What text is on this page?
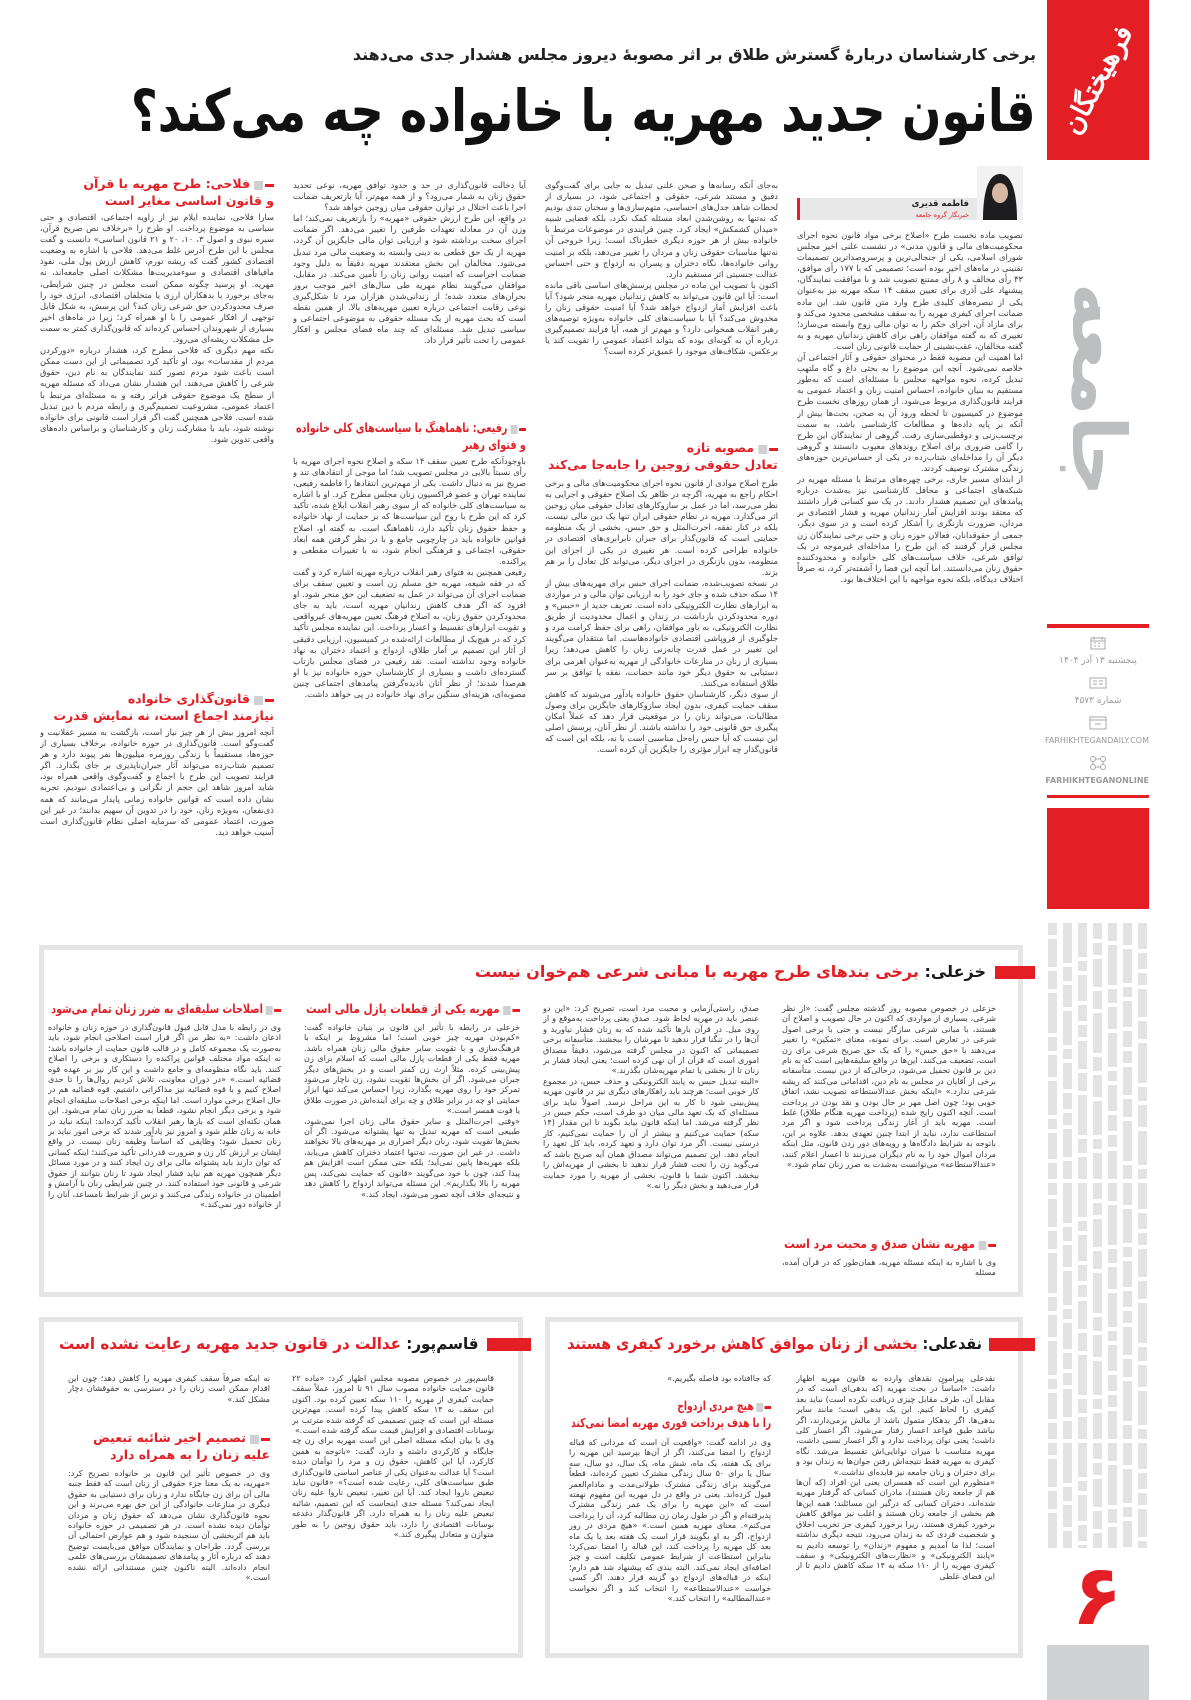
فرهیختگان
جامعه
پنجشنبه ۱۳ آذر ۱۴۰۴
شماره ۴۵۷۳
FARHIKHTEGANDAILY.COM
FARHIKHTEGANONLINE
۶
برخی کارشناسان دربارهٔ گسترش طلاق بر اثر مصوبهٔ دیروز مجلس هشدار جدی می‌دهند
قانون جدید مهریه با خانواده چه می‌کند؟
فاطمه قدیری
خبرنگار گروه جامعه

تصویب ماده نخست طرح «اصلاح برخی مواد قانون نحوه اجرای محکومیت‌های مالی و قانون مدنی» در نشست علنی اخیر مجلس شورای اسلامی، یکی از جنجالی‌ترین و پرسروصداترین تصمیمات تقنینی در ماه‌های اخیر بوده است؛ تصمیمی که با ۱۷۷ رأی موافق، ۴۳ رأی مخالف و ۸ رأی ممتنع تصویب شد و با موافقت نمایندگان، پیشنهاد علی آذری برای تعیین سقف ۱۴ سکه مهریه نیز به‌عنوان یکی از تبصره‌های کلیدی طرح وارد متن قانون شد. این ماده ضمانت اجرای کیفری مهریه را به سقف مشخصی محدود می‌کند و برای مازاد آن، اجرای حکم را به توان مالی زوج وابسته می‌سازد؛ تغییری که به گفته موافقان راهی برای کاهش زندانیان مهریه و به گفته مخالفان، عقب‌نشینی از حمایت قانونی زنان است.

اما اهمیت این مصوبه فقط در محتوای حقوقی و آثار اجتماعی آن خلاصه نمی‌شود. آنچه این موضوع را به بحثی داغ و گاه ملتهب تبدیل کرده، نحوه مواجهه مجلس با مسئله‌ای است که به‌طور مستقیم به بنیان خانواده، احساس امنیت زنان و اعتماد عمومی به فرایند قانون‌گذاری مربوط می‌شود. از همان روزهای نخست طرح موضوع در کمیسیون تا لحظه ورود آن به صحن، بحث‌ها بیش از آنکه بر پایه داده‌ها و مطالعات کارشناسی باشد، به سمت برچسب‌زنی و دوقطبی‌سازی رفت. گروهی از نمایندگان این طرح را گامی ضروری برای اصلاح روندهای معیوب دانستند و گروهی دیگر آن را مداخله‌ای شتاب‌زده در یکی از حساس‌ترین حوزه‌های زندگی مشترک توصیف کردند.

از ابتدای مسیر جاری، برخی چهره‌های مرتبط با مسئله مهریه در شبکه‌های اجتماعی و محافل کارشناسی نیز به‌شدت درباره پیامدهای این تصمیم هشدار دادند. در یک سو کسانی قرار داشتند که معتقد بودند افزایش آمار زندانیان مهریه و فشار اقتصادی بر مردان، ضرورت بازنگری را آشکار کرده است و در سوی دیگر، جمعی از حقوقدانان، فعالان حوزه زنان و حتی برخی نمایندگان زن مجلس قرار گرفتند که این طرح را مداخله‌ای غیرموجه در یک توافق شرعی، خلاف سیاست‌های کلی خانواده و محدودکننده حقوق زنان می‌دانستند. اما آنچه این فضا را آشفته‌تر کرد، نه صرفاً اختلاف دیدگاه، بلکه نحوه مواجهه با این اختلاف‌ها بود.

به‌جای آنکه رسانه‌ها و صحن علنی تبدیل به جایی برای گفت‌وگوی دقیق و مستند شرعی، حقوقی و اجتماعی شود، در بسیاری از لحظات شاهد جدل‌های احساسی، متهم‌سازی‌ها و سخنان تندی بودیم که نه‌تنها به روشن‌شدن ابعاد مسئله کمک نکرد، بلکه فضایی شبیه «میدان کشمکش» ایجاد کرد. چنین فرایندی در موضوعات مرتبط با خانواده بیش از هر حوزه دیگری خطرناک است؛ زیرا خروجی آن نه‌تنها مناسبات حقوقی زنان و مردان را تغییر می‌دهد، بلکه بر امنیت روانی خانواده‌ها، نگاه دختران و پسران به ازدواج و حتی احساس عدالت جنسیتی اثر مستقیم دارد.

اکنون با تصویب این ماده در مجلس پرسش‌های اساسی باقی مانده است: آیا این قانون می‌تواند به کاهش زندانیان مهریه منجر شود؟ آیا باعث افزایش آمار ازدواج خواهد شد؟ آیا امنیت حقوقی زنان را مخدوش می‌کند؟ آیا با سیاست‌های کلی خانواده به‌ویژه توصیه‌های رهبر انقلاب همخوانی دارد؟ و مهم‌تر از همه، آیا فرایند تصمیم‌گیری درباره آن به گونه‌ای بوده که بتواند اعتماد عمومی را تقویت کند یا برعکس، شکاف‌های موجود را عمیق‌تر کرده است؟

مصوبه تازه
تعادل حقوقی زوجین را جابه‌جا می‌کند

طرح اصلاح موادی از قانون نحوه اجرای محکومیت‌های مالی و برخی احکام راجع به مهریه، اگرچه در ظاهر یک اصلاح حقوقی و اجرایی به نظر می‌رسد، اما در عمل بر سازوکارهای تعادل حقوقی میان زوجین اثر می‌گذارد. مهریه در نظام حقوقی ایران تنها یک دین مالی نیست، بلکه در کنار نفقه، اجرت‌المثل و حق حبس، بخشی از یک منظومه حمایتی است که قانون‌گذار برای جبران نابرابری‌های اقتصادی در خانواده طراحی کرده است. هر تغییری در یکی از اجزای این منظومه، بدون بازنگری در اجزای دیگر، می‌تواند کل تعادل را بر هم بزند.

در نسخه تصویب‌شده، ضمانت اجرای حبس برای مهریه‌های بیش از ۱۴ سکه حذف شده و جای خود را به ارزیابی توان مالی و در مواردی به ابزارهای نظارت الکترونیکی داده است. تعریف جدید از «حبس» و دوره محدودکردن بازداشت در زندان و اعمال محدودیت از طریق نظارت الکترونیکی، به باور موافقان، راهی برای حفظ کرامت مرد و جلوگیری از فروپاشی اقتصادی خانواده‌هاست. اما منتقدان می‌گویند این تغییر در عمل قدرت چانه‌زنی زنان را کاهش می‌دهد؛ زیرا بسیاری از زنان در منازعات خانوادگی از مهریه به‌عنوان اهرمی برای دستیابی به حقوق دیگر خود مانند حضانت، نفقه یا توافق بر سر طلاق استفاده می‌کنند.

از سوی دیگر، کارشناسان حقوق خانواده یادآور می‌شوند که کاهش سقف حمایت کیفری، بدون ایجاد سازوکارهای جایگزین برای وصول مطالبات، می‌تواند زنان را در موقعیتی قرار دهد که عملاً امکان پیگیری حق قانونی خود را نداشته باشند. از نظر آنان، پرسش اصلی این نیست که آیا حبس راه‌حل مناسبی است یا نه، بلکه این است که قانون‌گذار چه ابزار مؤثری را جایگزین آن کرده است.

آیا دخالت قانون‌گذاری در حد و حدود توافق مهریه، نوعی تحدید حقوق زنان به شمار می‌رود؟ و از همه مهم‌تر، آیا بازتعریف ضمانت اجرا باعث اختلال در توازن حقوقی میان زوجین خواهد شد؟

در واقع، این طرح ارزش حقوقی «مهریه» را بازتعریف نمی‌کند؛ اما وزن آن در معادله تعهدات طرفین را تغییر می‌دهد. اگر ضمانت اجرای سخت برداشته شود و ارزیابی توان مالی جایگزین آن گردد، مهریه از یک حق قطعی به دینی وابسته به وضعیت مالی مرد تبدیل می‌شود. مخالفان این بخش معتقدند مهریه دقیقاً به دلیل وجود ضمانت اجراست که امنیت روانی زنان را تأمین می‌کند. در مقابل، موافقان می‌گویند نظام مهریه طی سال‌های اخیر موجب بروز بحران‌های متعدد شده؛ از زندانی‌شدن هزاران مرد تا شکل‌گیری نوعی رقابت اجتماعی درباره تعیین مهریه‌های بالا. از همین نقطه است که بحث مهریه از یک مسئله حقوقی به موضوعی اجتماعی و سیاسی تبدیل شد. مسئله‌ای که چند ماه فضای مجلس و افکار عمومی را تحت تأثیر قرار داد.

رفیعی: ناهماهنگ با سیاست‌های کلی خانواده
و فتوای رهبر

باوجودآنکه طرح تعیین سقف ۱۴ سکه و اصلاح نحوه اجرای مهریه با رأی نسبتاً بالایی در مجلس تصویب شد؛ اما موجی از انتقادهای تند و صریح نیز به دنبال داشت. یکی از مهم‌ترین انتقادها را فاطمه رفیعی، نماینده تهران و عضو فراکسیون زنان مجلس مطرح کرد. او با اشاره به سیاست‌های کلی خانواده که از سوی رهبر انقلاب ابلاغ شده، تأکید کرد که این طرح با روح این سیاست‌ها که بر حمایت از نهاد خانواده و حفظ حقوق زنان تأکید دارد، ناهماهنگ است. به گفته او، اصلاح قوانین خانواده باید در چارچوبی جامع و با در نظر گرفتن همه ابعاد حقوقی، اجتماعی و فرهنگی انجام شود، نه با تغییرات مقطعی و پراکنده.

رفیعی همچنین به فتوای رهبر انقلاب درباره مهریه اشاره کرد و گفت که در فقه شیعه، مهریه حق مسلم زن است و تعیین سقف برای ضمانت اجرای آن می‌تواند در عمل به تضعیف این حق منجر شود. او افزود که اگر هدف کاهش زندانیان مهریه است، باید به جای محدودکردن حقوق زنان، به اصلاح فرهنگ تعیین مهریه‌های غیرواقعی و تقویت ابزارهای تقسیط و اعسار پرداخت. این نماینده مجلس تأکید کرد که در هیچ‌یک از مطالعات ارائه‌شده در کمیسیون، ارزیابی دقیقی از آثار این تصمیم بر آمار طلاق، ازدواج و اعتماد دختران به نهاد خانواده وجود نداشته است. نقد رفیعی در فضای مجلس بازتاب گسترده‌ای داشت و بسیاری از کارشناسان حوزه خانواده نیز با او هم‌صدا شدند؛ از نظر آنان نادیده‌گرفتن پیامدهای اجتماعی چنین مصوبه‌ای، هزینه‌ای سنگین برای نهاد خانواده در پی خواهد داشت.

فلاحی: طرح مهریه با قرآن
و قانون اساسی مغایر است

سارا فلاحی، نماینده ایلام نیز از زاویه اجتماعی، اقتصادی و حتی سیاسی به موضوع پرداخت. او طرح را «برخلاف نص صریح قرآن، سیره نبوی و اصول ۳، ۱۰، ۲۰ و ۲۱ قانون اساسی» دانست و گفت مجلس با این طرح آدرس غلط می‌دهد. فلاحی با اشاره به وضعیت اقتصادی کشور گفت که ریشه تورم، کاهش ارزش پول ملی، نفوذ مافیاهای اقتصادی و سوءمدیریت‌ها مشکلات اصلی جامعه‌اند، نه مهریه. او پرسید چگونه ممکن است مجلس در چنین شرایطی، به‌جای برخورد با بدهکاران ارزی یا متخلفان اقتصادی، انرژی خود را صرف محدودکردن حق شرعی زنان کند؟ این پرسش، به شکل قابل توجهی از افکار عمومی را با او همراه کرد؛ زیرا در ماه‌های اخیر بسیاری از شهروندان احساس کرده‌اند که قانون‌گذاری کمتر به سمت حل مشکلات ریشه‌ای می‌رود.

نکته مهم دیگری که فلاحی مطرح کرد، هشدار درباره «دورکردن مردم از مقدسات» بود. او تأکید کرد تصمیماتی از این دست ممکن است باعث شود مردم تصور کنند نمایندگان به نام دین، حقوق شرعی را کاهش می‌دهند. این هشدار نشان می‌داد که مسئله مهریه از سطح یک موضوع حقوقی فراتر رفته و به مسئله‌ای مرتبط با اعتماد عمومی، مشروعیت تصمیم‌گیری و رابطه مردم با دین تبدیل شده است. فلاحی همچنین گفت اگر قرار است قانونی برای خانواده نوشته شود، باید با مشارکت زنان و کارشناسان و براساس داده‌های واقعی تدوین شود.

قانون‌گذاری خانواده
نیازمند اجماع است، نه نمایش قدرت

آنچه امروز بیش از هر چیز نیاز است، بازگشت به مسیر عقلانیت و گفت‌وگو است. قانون‌گذاری در حوزه خانواده، برخلاف بسیاری از حوزه‌ها، مستقیماً با زندگی روزمره میلیون‌ها نفر پیوند دارد و هر تصمیم شتاب‌زده می‌تواند آثار جبران‌ناپذیری بر جای بگذارد. اگر فرایند تصویب این طرح با اجماع و گفت‌وگوی واقعی همراه بود، شاید امروز شاهد این حجم از نگرانی و بی‌اعتمادی نبودیم. تجربه نشان داده است که قوانین خانواده زمانی پایدار می‌مانند که همه ذی‌نفعان، به‌ویژه زنان، خود را در تدوین آن سهیم بدانند؛ در غیر این صورت، اعتماد عمومی که سرمایه اصلی نظام قانون‌گذاری است آسیب خواهد دید.

خزعلی: برخی بندهای طرح مهریه با مبانی شرعی هم‌خوان نیست

خزعلی در خصوص مصوبه روز گذشته مجلس گفت: «از نظر شرعی، بسیاری از مواردی که اکنون در حال تصویب و اصلاح آن هستند، با مبانی شرعی سازگار نیست و حتی با برخی اصول شرعی در تعارض است. برای نمونه، معنای «تمکین» را تغییر می‌دهند یا «حق حبس» را که یک حق صریح شرعی برای زن است، تضعیف می‌کنند. این‌ها در واقع سلیقه‌هایی است که به نام دین بر قانون تحمیل می‌شود، درحالی‌که از دین نیست. متأسفانه برخی از آقایان در مجلس به نام دین، اقداماتی می‌کنند که ریشه شرعی ندارد.» «اینکه بخش عندالاستطاعه تصویب نشد، اتفاق خوبی بود؛ چون اصل مهر بر حال بودن و نقد بودن در پرداخت است. آنچه اکنون رایج شده (پرداخت مهریه هنگام طلاق) غلط است. مهریه باید از آغاز زندگی پرداخت شود و اگر مرد استطاعت ندارد، نباید از ابتدا چنین تعهدی بدهد. علاوه بر این، باتوجه به شرایط دادگاه‌ها و رویه‌های دور زدن قانون، مثل اینکه مردان اموال خود را به نام دیگران می‌زنند تا اعسار اعلام کنند، «عندالاستطاعه» می‌توانست به‌شدت به ضرر زنان تمام شود.»

مهریه نشان صدق و محبت مرد است

وی با اشاره به اینکه مسئله مهریه، همان‌طور که در قرآن آمده، مسئله

صدق، راستی‌آزمایی و محبت مرد است، تصریح کرد: «این دو عنصر باید در مهریه لحاظ شود. صدق یعنی پرداخت به‌موقع و از روی میل. در قرآن بارها تأکید شده که به زنان فشار نیاورید و آن‌ها را در تنگنا قرار ندهید تا مهرشان را ببخشند. متأسفانه برخی تصمیماتی که اکنون در مجلس گرفته می‌شود، دقیقاً مصداق اموری است که قرآن از آن نهی کرده است؛ یعنی ایجاد فشار بر زنان تا از بخشی یا تمام مهریه‌شان بگذرند.»

«البته تبدیل حبس به پابند الکترونیکی و حذف حبس، در مجموع کار خوبی است؛ هرچند باید راهکارهای دیگری نیز در قانون مهریه پیش‌بینی شود تا کار به این مراحل نرسد. اصولاً نباید برای مسئله‌ای که یک تعهد مالی میان دو طرف است، حکم حبس در نظر گرفته می‌شد. اما اینکه قانون بیاید بگوید تا این مقدار (۱۴ سکه) حمایت می‌کنیم و بیشتر از آن را حمایت نمی‌کنیم، کار درستی نیست. اگر مرد توان دارد و تعهد کرده، باید کل تعهد را انجام دهد. این تصمیم می‌تواند مصداق همان آیه صریح باشد که می‌گوید زن را تحت فشار قرار ندهید تا بخشی از مهریه‌اش را ببخشد. اکنون شما با قانون، بخشی از مهریه را مورد حمایت قرار می‌دهید و بخش دیگر را نه.»

مهریه یکی از قطعات پازل مالی است

خزعلی در رابطه با تأثیر این قانون بر بنیان خانواده گفت: «کم‌بودن مهریه چیز خوبی است؛ اما مشروط بر اینکه با فرهنگ‌سازی و با تقویت سایر حقوق مالی زنان همراه باشد. مهریه فقط یکی از قطعات پازل مالی است که اسلام برای زن پیش‌بینی کرده. مثلاً ارث زن کمتر است و در بخش‌های دیگر جبران می‌شود. اگر آن بخش‌ها تقویت نشود، زن ناچار می‌شود تمرکز خود را روی مهریه بگذارد، زیرا احساس می‌کند تنها ابزار حمایتی او چه در برابر طلاق و چه برای آینده‌اش در صورت طلاق یا فوت همسر است.»

«وقتی اجرت‌المثل و سایر حقوق مالی زنان اجرا نمی‌شود، طبیعی است که مهریه تبدیل به تنها پشتوانه می‌شود. اگر آن بخش‌ها تقویت شود، زنان دیگر اصراری بر مهریه‌های بالا نخواهند داشت. در غیر این صورت، نه‌تنها اعتماد دختران کاهش می‌یابد، بلکه مهریه‌ها پایین نمی‌آید؛ بلکه حتی ممکن است افزایش هم پیدا کند، چون با خود می‌گویند «قانون که حمایت نمی‌کند، پس مهریه را بالا بگذاریم». این مسئله می‌تواند ازدواج را کاهش دهد و نتیجه‌ای خلاف آنچه تصور می‌شود، ایجاد کند.»

اصلاحات سلیقه‌ای به ضرر زنان تمام می‌شود

وی در رابطه با مدل قابل قبول قانون‌گذاری در حوزه زنان و خانواده اذعان داشت: «به نظر من اگر قرار است اصلاحی انجام شود، باید به‌صورت یک مجموعه کامل و در قالب قانون حمایت از خانواده باشد؛ نه اینکه مواد مختلف قوانین پراکنده را دستکاری و برخی را اصلاح کنند. باید نگاه منظومه‌ای و جامع داشت و این کار نیز بر عهده قوه قضائیه است.» «در دوران معاونت، تلاش کردیم روال‌ها را تا حدی اصلاح کنیم و با قوه قضائیه نیز مذاکراتی داشتیم. قوه قضائیه هم در حال اصلاح برخی موارد است. اما اینکه برخی اصلاحات سلیقه‌ای انجام شود و برخی دیگر انجام نشود، قطعاً به ضرر زنان تمام می‌شود. این همان نکته‌ای است که بارها رهبر انقلاب تأکید کرده‌اند: اینکه نباید در خانه به زنان ظلم شود و امروز نیز یادآور شدند که برخی امور نباید بر زنان تحمیل شود؛ وظایفی که اساساً وظیفه زنان نیست. در واقع ایشان بر ارزش کار زن و ضرورت قدردانی تأکید می‌کنند؛ اینکه کسانی که توان دارند باید پشتوانه مالی برای زن ایجاد کنند و در مورد مسائل دیگر همچون مهریه هم نباید فشار ایجاد شود تا زنان بتوانند از حقوق شرعی و قانونی خود استفاده کنند. در چنین شرایطی زنان با آرامش و اطمینان در خانواده زندگی می‌کنند و ترس از شرایط نامساعد، آنان را از خانواده دور نمی‌کند.»

نقدعلی: بخشی از زنان موافق کاهش برخورد کیفری هستند

نقدعلی پیرامون نقدهای وارده به قانون مهریه اظهار داشت: «اساساً در بحث مهریه (که بدهی‌ای است که در مقابل آن، طرف مقابل چیزی دریافت نکرده است) نباید بعد کیفری را لحاظ کنیم. این یک بدهی است؛ مانند سایر بدهی‌ها. اگر بدهکار متمول باشد از مالش برمی‌دارند، اگر نباشد طبق قواعد اعسار رفتار می‌شود. اگر اعسار کلی داشت؛ یعنی توان پرداخت ندارد و اگر اعسار نسبی داشت، مهریه متناسب با میزان توانایی‌اش تقسیط می‌شد. نگاه کیفری به مهریه فقط نتیجه‌اش رفتن جوان‌ها به زندان بود و برای دختران و زنان جامعه نیز فایده‌ای نداشت.»

«منظورم این است که همسران یعنی این افراد (که آن‌ها هم از جامعه زنان هستند)، مادران کسانی که گرفتار مهریه شده‌اند، دختران کسانی که درگیر این مسائلند؛ همه این‌ها هم بخشی از جامعه زنان هستند و اغلب نیز موافق کاهش برخورد کیفری هستند، زیرا برخورد کیفری جز تخریب اخلاق و شخصیت فردی که به زندان می‌رود، نتیجه دیگری نداشته است؛ لذا ما آمدیم و مفهوم «زندان» را توسعه دادیم به «پابند الکترونیکی» و «نظارت‌های الکترونیکی» و سقف کیفری مهریه را از ۱۱۰ سکه به ۱۴ سکه کاهش دادیم تا از این فضای غلطی

که جاافتاده بود فاصله بگیریم.»

هیچ مردی ازدواج
را با هدف پرداخت فوری مهریه امضا نمی‌کند

وی در ادامه گفت: «واقعیت آن است که مردانی که قباله ازدواج را امضا می‌کنند، اگر از آن‌ها بپرسید این مهریه را برای یک هفته، یک ماه، شش ماه، یک سال، دو سال، سه سال یا برای ۵۰ سال زندگی مشترک تعیین کرده‌اند، قطعاً می‌گویند برای زندگی مشترک طولانی‌مدت و مادام‌العمر قبول کرده‌اند. یعنی در واقع در دل مهریه این مفهوم نهفته است که «این مهریه را برای یک عمر زندگی مشترک پذیرفته‌ام و اگر در طول زمان زن مطالبه کرد، آن را پرداخت می‌کنم». معنای مهریه همین است.» «هیچ مردی در روز ازدواج، اگر به او بگویند قرار است یک هفته بعد یا یک ماه بعد کل مهریه را پرداخت کند، این قباله را امضا نمی‌کرد؛ بنابراین استطاعت از شرایط عمومی تکلیف است و چیز اضافه‌ای ایجاد نمی‌کند. البته بندی که پیشنهاد شد هم دارم؛ اینکه در قباله‌های ازدواج دو گزینه قرار دهند. اگر کسی خواست «عندالاستطاعه» را انتخاب کند و اگر نخواست «عندالمطالبه» را انتخاب کند.»

قاسم‌پور: عدالت در قانون جدید مهریه رعایت نشده است

قاسم‌پور در خصوص مصوبه مجلس اظهار کرد: «ماده ۲۲ قانون حمایت خانواده مصوب سال ۹۱ تا امروز، عملاً سقف حمایت کیفری از مهریه را ۱۱۰ سکه تعیین کرده بود. اکنون این سقف به ۱۴ سکه کاهش پیدا کرده است. مهم‌ترین مسئله این است که چنین تصمیمی که گرفته شده مترتب بر نوسانات اقتصادی و افزایش قیمت سکه گرفته شده است.»

وی با بیان اینکه مسئله اصلی این است مهریه برای زن چه جایگاه و کارکردی داشته و دارد، گفت: «باتوجه به همین کارکرد، آیا این کاهش، حقوق زن و مرد را توأمان دیده است؟ آیا عدالت به‌عنوان یکی از عناصر اساسی قانون‌گذاری طبق سیاست‌های کلی، رعایت شده است؟» «قانون نباید تبعیض ناروا ایجاد کند. آیا این تغییر، تبعیض ناروا علیه زنان ایجاد نمی‌کند؟ مسئله جدی اینجاست که این تصمیم، شائبه تبعیض علیه زنان را به همراه دارد. اگر قانون‌گذار دغدغه نوسانات اقتصادی را دارد، باید حقوق زوجین را به طور متوازن و متعادل پیگیری کند.»

نه اینکه صرفاً سقف کیفری مهریه را کاهش دهد؛ چون این اقدام ممکن است زنان را در دسترسی به حقوقشان دچار مشکل کند.»

تصمیم اخیر شائبه تبعیض
علیه زنان را به همراه دارد

وی در خصوص تأثیر این قانون بر خانواده تصریح کرد: «مهریه، به یک معنا جزء حقوقی از زنان است که فقط جنبه مالی آن برای زن جایگاه ندارد و زنان برای دستیابی به حقوق دیگری در منازعات خانوادگی از این حق بهره می‌برند و این نحوه قانون‌گذاری نشان می‌دهد که حقوق زنان و مردان توأمان دیده نشده است. در هر تصمیمی در حوزه خانواده باید هم اثربخشی آن سنجیده شود و هم عوارض احتمالی آن بررسی گردد. طراحان و نمایندگان موافق می‌بایست توضیح دهند که درباره آثار و پیامدهای تصمیمشان بررسی‌های علمی انجام داده‌اند. البته تاکنون چنین مستنداتی ارائه نشده است.»
